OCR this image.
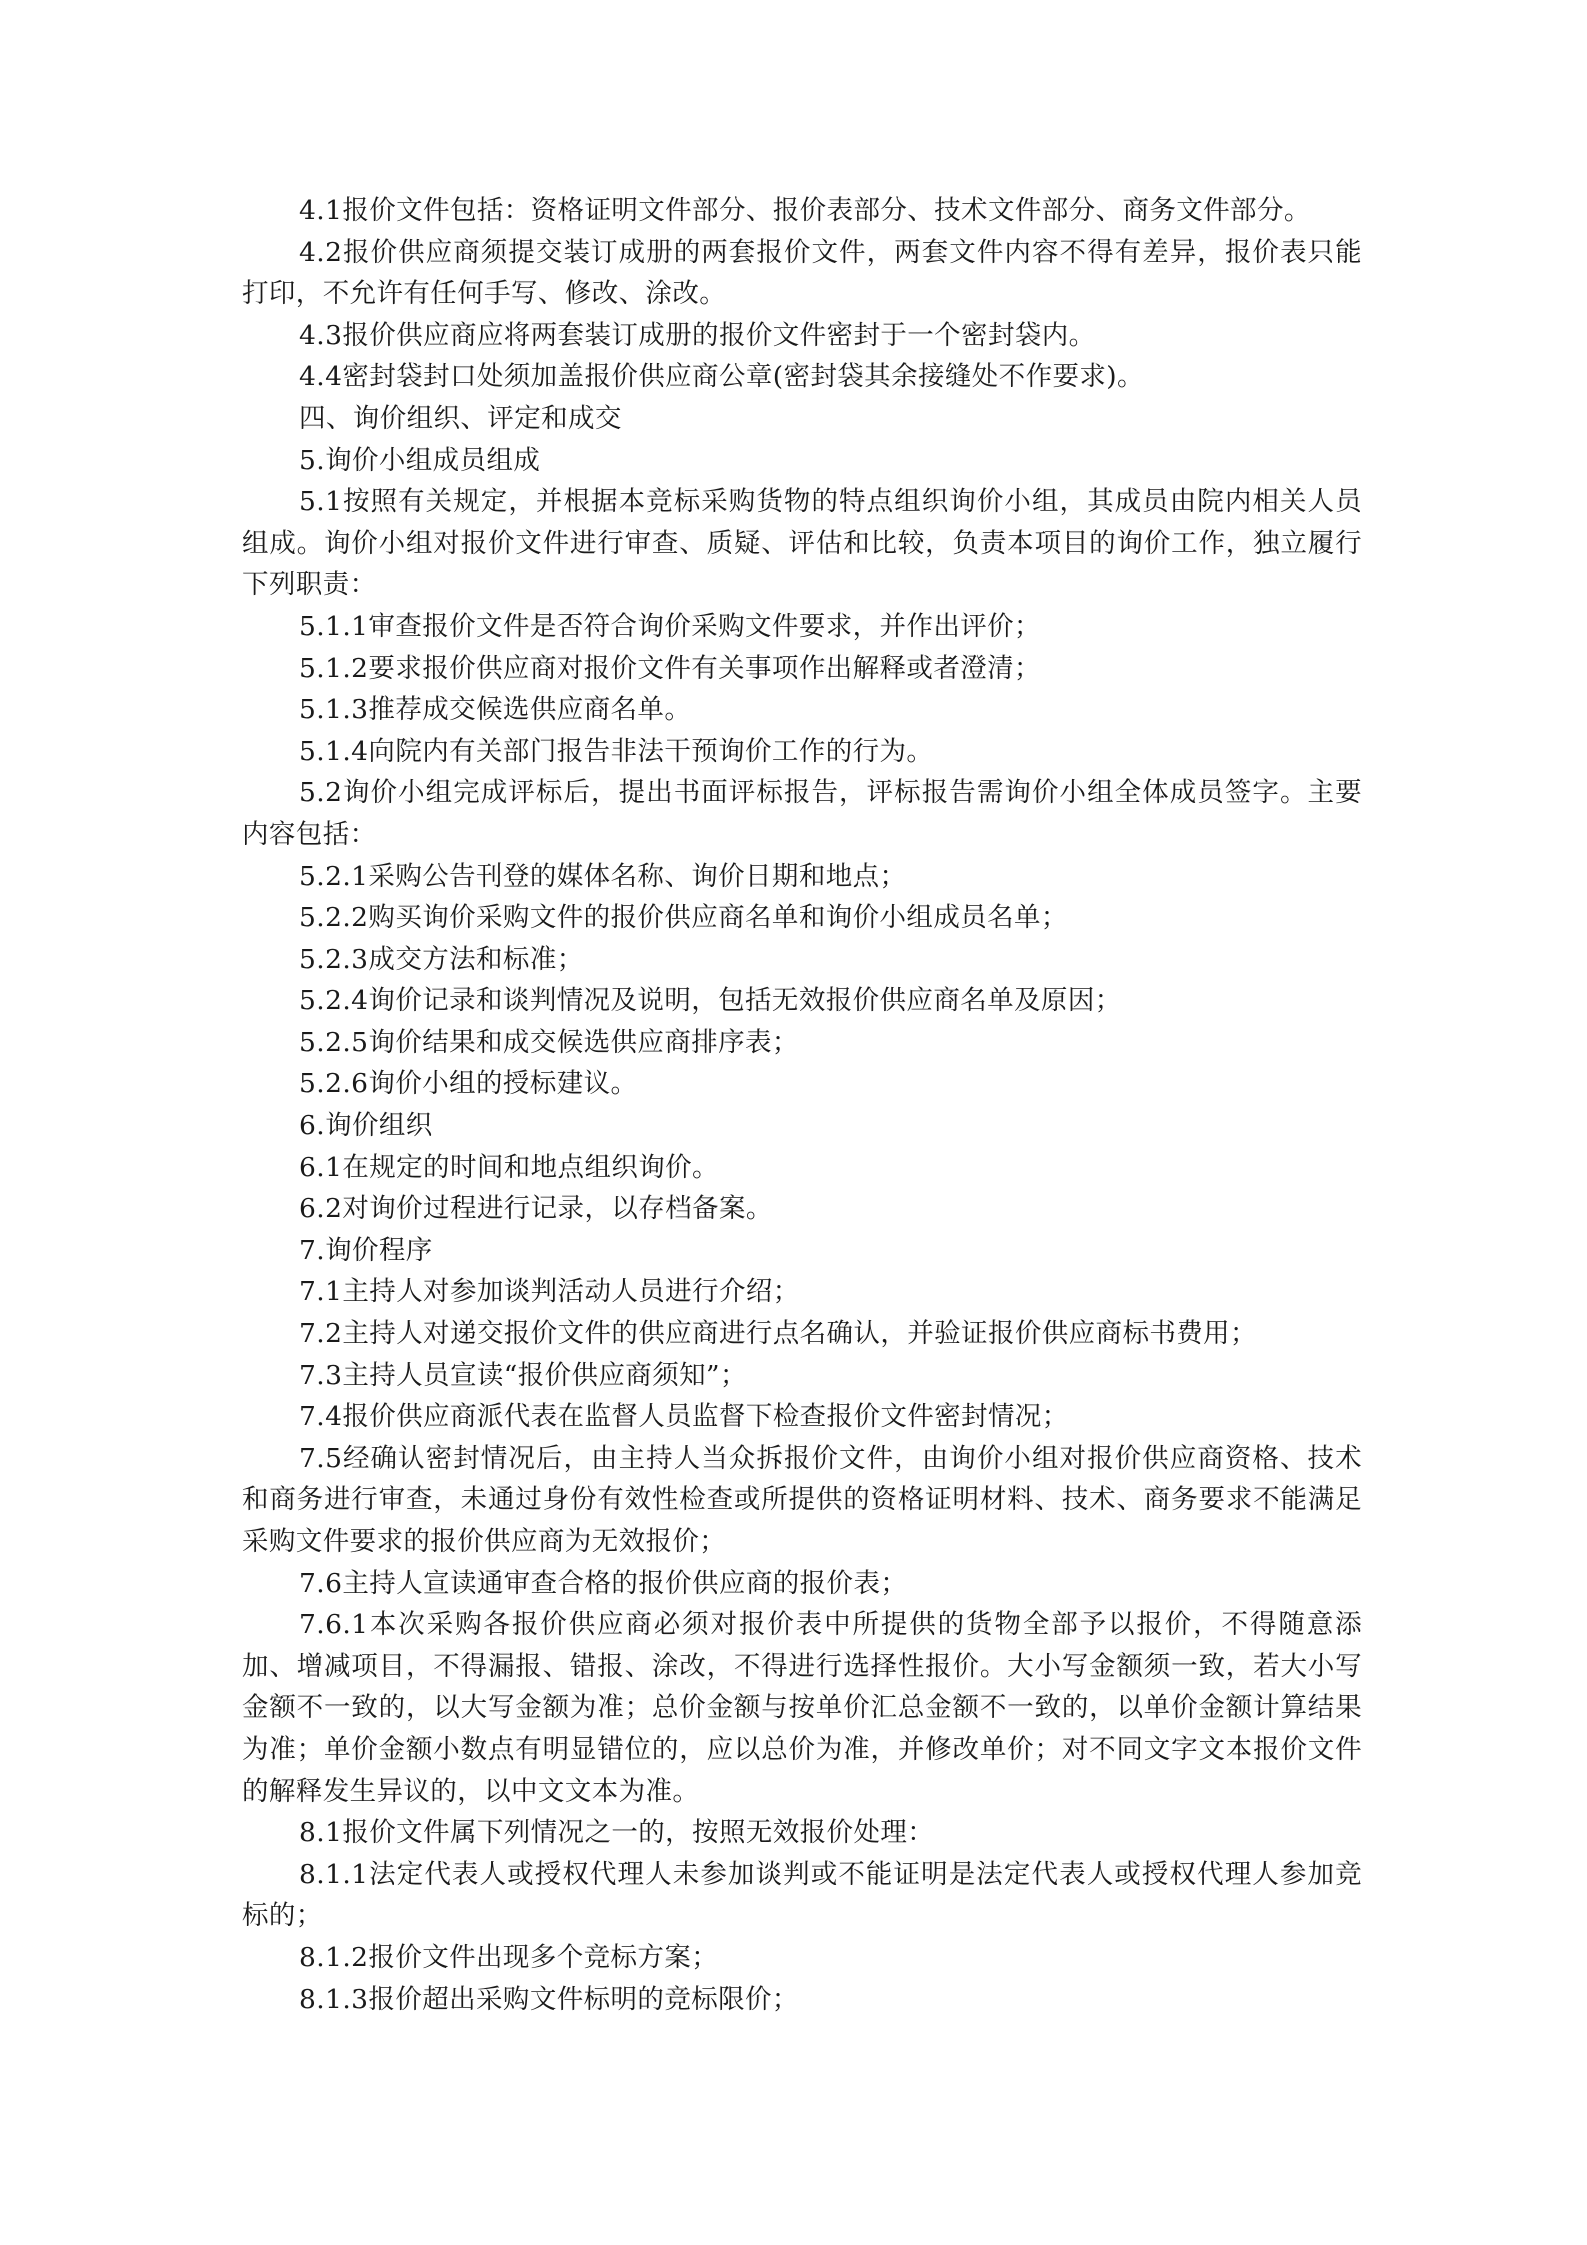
4.1报价文件包括：资格证明文件部分、报价表部分、技术文件部分、商务文件部分。

4.2报价供应商须提交装订成册的两套报价文件，两套文件内容不得有差异，报价表只能打印，不允许有任何手写、修改、涂改。

4.3报价供应商应将两套装订成册的报价文件密封于一个密封袋内。

4.4密封袋封口处须加盖报价供应商公章(密封袋其余接缝处不作要求)。

四、询价组织、评定和成交

5.询价小组成员组成

5.1按照有关规定，并根据本竞标采购货物的特点组织询价小组，其成员由院内相关人员组成。询价小组对报价文件进行审查、质疑、评估和比较，负责本项目的询价工作，独立履行下列职责：

5.1.1审查报价文件是否符合询价采购文件要求，并作出评价；

5.1.2要求报价供应商对报价文件有关事项作出解释或者澄清；

5.1.3推荐成交候选供应商名单。

5.1.4向院内有关部门报告非法干预询价工作的行为。

5.2询价小组完成评标后，提出书面评标报告，评标报告需询价小组全体成员签字。主要内容包括：

5.2.1采购公告刊登的媒体名称、询价日期和地点；

5.2.2购买询价采购文件的报价供应商名单和询价小组成员名单；

5.2.3成交方法和标准；

5.2.4询价记录和谈判情况及说明，包括无效报价供应商名单及原因；

5.2.5询价结果和成交候选供应商排序表；

5.2.6询价小组的授标建议。

6.询价组织

6.1在规定的时间和地点组织询价。

6.2对询价过程进行记录，以存档备案。

7.询价程序

7.1主持人对参加谈判活动人员进行介绍；

7.2主持人对递交报价文件的供应商进行点名确认，并验证报价供应商标书费用；

7.3主持人员宣读“报价供应商须知”；

7.4报价供应商派代表在监督人员监督下检查报价文件密封情况；

7.5经确认密封情况后，由主持人当众拆报价文件，由询价小组对报价供应商资格、技术和商务进行审查，未通过身份有效性检查或所提供的资格证明材料、技术、商务要求不能满足采购文件要求的报价供应商为无效报价；

7.6主持人宣读通审查合格的报价供应商的报价表；

7.6.1本次采购各报价供应商必须对报价表中所提供的货物全部予以报价，不得随意添加、增减项目，不得漏报、错报、涂改，不得进行选择性报价。大小写金额须一致，若大小写金额不一致的，以大写金额为准；总价金额与按单价汇总金额不一致的，以单价金额计算结果为准；单价金额小数点有明显错位的，应以总价为准，并修改单价；对不同文字文本报价文件的解释发生异议的，以中文文本为准。

8.1报价文件属下列情况之一的，按照无效报价处理：

8.1.1法定代表人或授权代理人未参加谈判或不能证明是法定代表人或授权代理人参加竞标的；

8.1.2报价文件出现多个竞标方案；

8.1.3报价超出采购文件标明的竞标限价；
